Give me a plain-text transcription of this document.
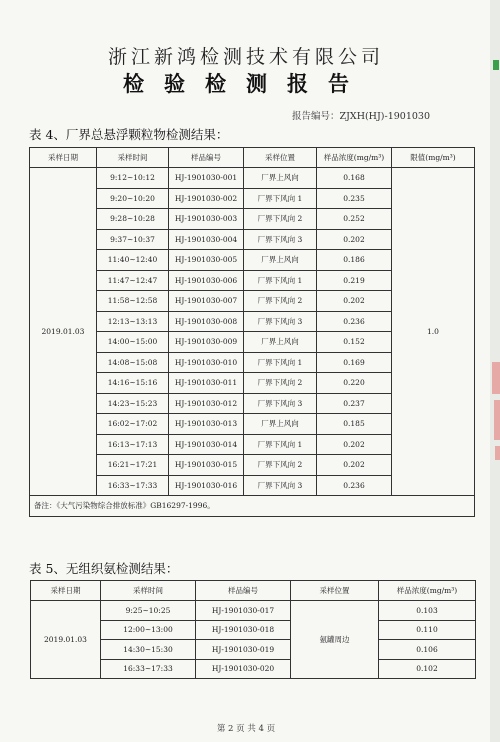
浙江新鸿检测技术有限公司
检验检测报告
报告编号：ZJXH(HJ)-1901030
表 4、厂界总悬浮颗粒物检测结果：
采样日期	采样时间	样品编号	采样位置	样品浓度(mg/m³)	限值(mg/m³)
2019.01.03	9:12~10:12	HJ-1901030-001	厂界上风向	0.168	1.0
	9:20~10:20	HJ-1901030-002	厂界下风向 1	0.235	
	9:28~10:28	HJ-1901030-003	厂界下风向 2	0.252	
	9:37~10:37	HJ-1901030-004	厂界下风向 3	0.202	
	11:40~12:40	HJ-1901030-005	厂界上风向	0.186	
	11:47~12:47	HJ-1901030-006	厂界下风向 1	0.219	
	11:58~12:58	HJ-1901030-007	厂界下风向 2	0.202	
	12:13~13:13	HJ-1901030-008	厂界下风向 3	0.236	
	14:00~15:00	HJ-1901030-009	厂界上风向	0.152	
	14:08~15:08	HJ-1901030-010	厂界下风向 1	0.169	
	14:16~15:16	HJ-1901030-011	厂界下风向 2	0.220	
	14:23~15:23	HJ-1901030-012	厂界下风向 3	0.237	
	16:02~17:02	HJ-1901030-013	厂界上风向	0.185	
	16:13~17:13	HJ-1901030-014	厂界下风向 1	0.202	
	16:21~17:21	HJ-1901030-015	厂界下风向 2	0.202	
	16:33~17:33	HJ-1901030-016	厂界下风向 3	0.236	
备注：《大气污染物综合排放标准》GB16297-1996。					
表 5、无组织氨检测结果：
采样日期	采样时间	样品编号	采样位置	样品浓度(mg/m³)
2019.01.03	9:25~10:25	HJ-1901030-017	氨罐周边	0.103
	12:00~13:00	HJ-1901030-018		0.110
	14:30~15:30	HJ-1901030-019		0.106
	16:33~17:33	HJ-1901030-020		0.102
第 2 页 共 4 页
